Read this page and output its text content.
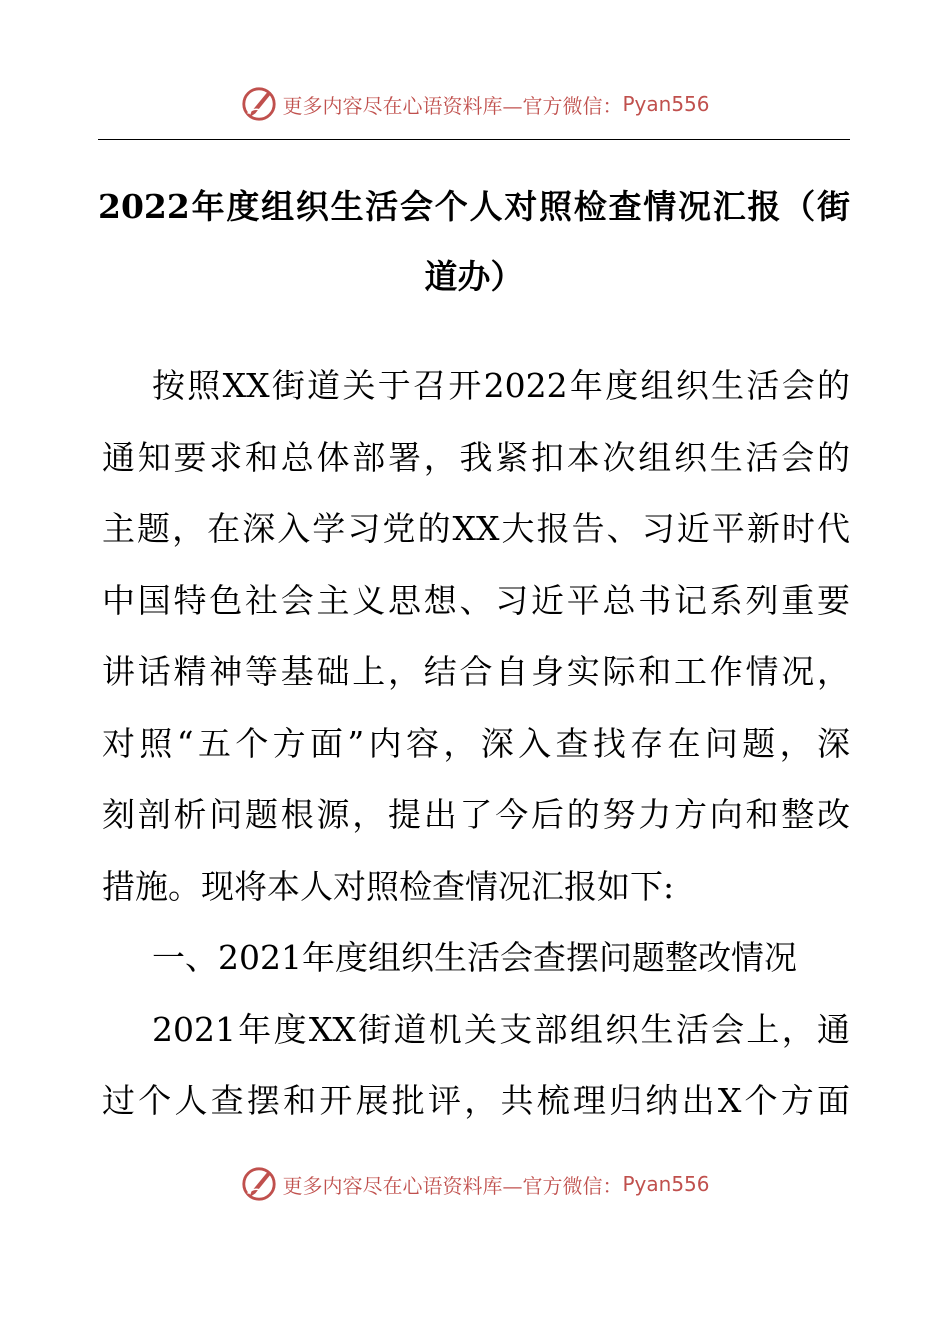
更多内容尽在心语资料库—官方微信： Pyan556
2022年度组织生活会个人对照检查情况汇报（街
道办）
按照XX街道关于召开2022年度组织生活会的
通知要求和总体部署，我紧扣本次组织生活会的
主题，在深入学习党的XX大报告、习近平新时代
中国特色社会主义思想、习近平总书记系列重要
讲话精神等基础上，结合自身实际和工作情况，
对照“五个方面”内容，深入查找存在问题，深
刻剖析问题根源，提出了今后的努力方向和整改
措施。现将本人对照检查情况汇报如下:
一、2021年度组织生活会查摆问题整改情况
2021年度XX街道机关支部组织生活会上，通
过个人查摆和开展批评，共梳理归纳出X个方面
更多内容尽在心语资料库—官方微信： Pyan556
